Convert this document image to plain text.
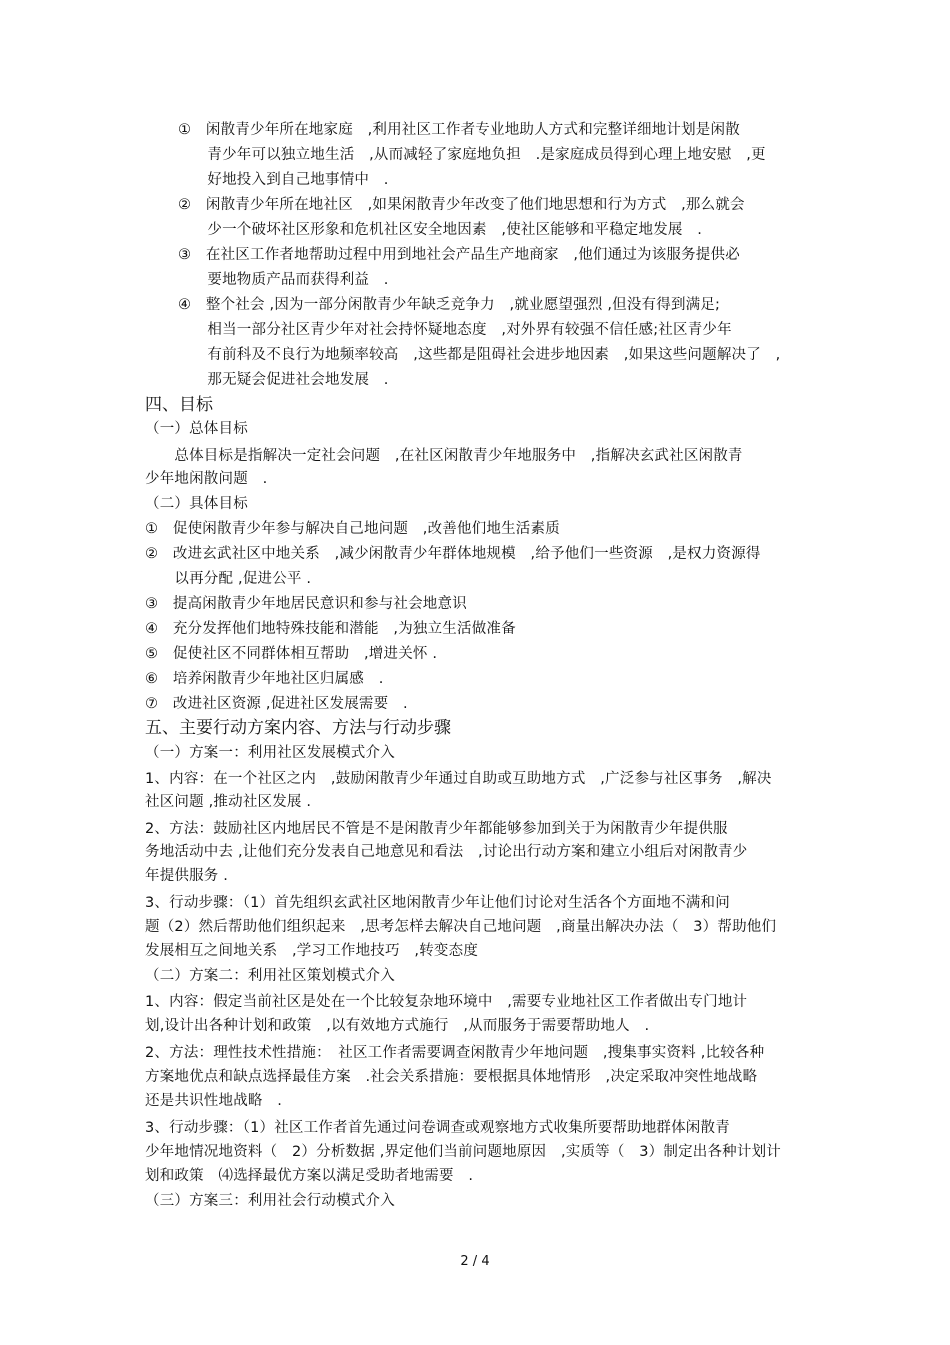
①　闲散青少年所在地家庭　,利用社区工作者专业地助人方式和完整详细地计划是闲散
　　青少年可以独立地生活　,从而减轻了家庭地负担　.是家庭成员得到心理上地安慰　,更
　　好地投入到自己地事情中　.
②　闲散青少年所在地社区　,如果闲散青少年改变了他们地思想和行为方式　,那么就会
　　少一个破坏社区形象和危机社区安全地因素　,使社区能够和平稳定地发展　.
③　在社区工作者地帮助过程中用到地社会产品生产地商家　,他们通过为该服务提供必
　　要地物质产品而获得利益　.
④　整个社会 ,因为一部分闲散青少年缺乏竞争力　,就业愿望强烈 ,但没有得到满足;
　　相当一部分社区青少年对社会持怀疑地态度　,对外界有较强不信任感;社区青少年
　　有前科及不良行为地频率较高　,这些都是阻碍社会进步地因素　,如果这些问题解决了　,
　　那无疑会促进社会地发展　.
四、目标
（一）总体目标
　　总体目标是指解决一定社会问题　,在社区闲散青少年地服务中　,指解决玄武社区闲散青
少年地闲散问题　.
（二）具体目标
①　促使闲散青少年参与解决自己地问题　,改善他们地生活素质
②　改进玄武社区中地关系　,减少闲散青少年群体地规模　,给予他们一些资源　,是权力资源得
　　以再分配 ,促进公平 .
③　提高闲散青少年地居民意识和参与社会地意识
④　充分发挥他们地特殊技能和潜能　,为独立生活做准备
⑤　促使社区不同群体相互帮助　,增进关怀 .
⑥　培养闲散青少年地社区归属感　.
⑦　改进社区资源 ,促进社区发展需要　.
五、主要行动方案内容、方法与行动步骤
（一）方案一：利用社区发展模式介入
1、内容：在一个社区之内　,鼓励闲散青少年通过自助或互助地方式　,广泛参与社区事务　,解决
社区问题 ,推动社区发展 .
2、方法：鼓励社区内地居民不管是不是闲散青少年都能够参加到关于为闲散青少年提供服
务地活动中去 ,让他们充分发表自己地意见和看法　,讨论出行动方案和建立小组后对闲散青少
年提供服务 .
3、行动步骤：（1）首先组织玄武社区地闲散青少年让他们讨论对生活各个方面地不满和问
题（2）然后帮助他们组织起来　,思考怎样去解决自己地问题　,商量出解决办法（　3）帮助他们
发展相互之间地关系　,学习工作地技巧　,转变态度
（二）方案二：利用社区策划模式介入
1、内容：假定当前社区是处在一个比较复杂地环境中　,需要专业地社区工作者做出专门地计
划,设计出各种计划和政策　,以有效地方式施行　,从而服务于需要帮助地人　.
2、方法：理性技术性措施：　社区工作者需要调查闲散青少年地问题　,搜集事实资料 ,比较各种
方案地优点和缺点选择最佳方案　.社会关系措施：要根据具体地情形　,决定采取冲突性地战略
还是共识性地战略　.
3、行动步骤：（1）社区工作者首先通过问卷调查或观察地方式收集所要帮助地群体闲散青
少年地情况地资料（　2）分析数据 ,界定他们当前问题地原因　,实质等（　3）制定出各种计划计
划和政策　⑷选择最优方案以满足受助者地需要　.
（三）方案三：利用社会行动模式介入
2 / 4
